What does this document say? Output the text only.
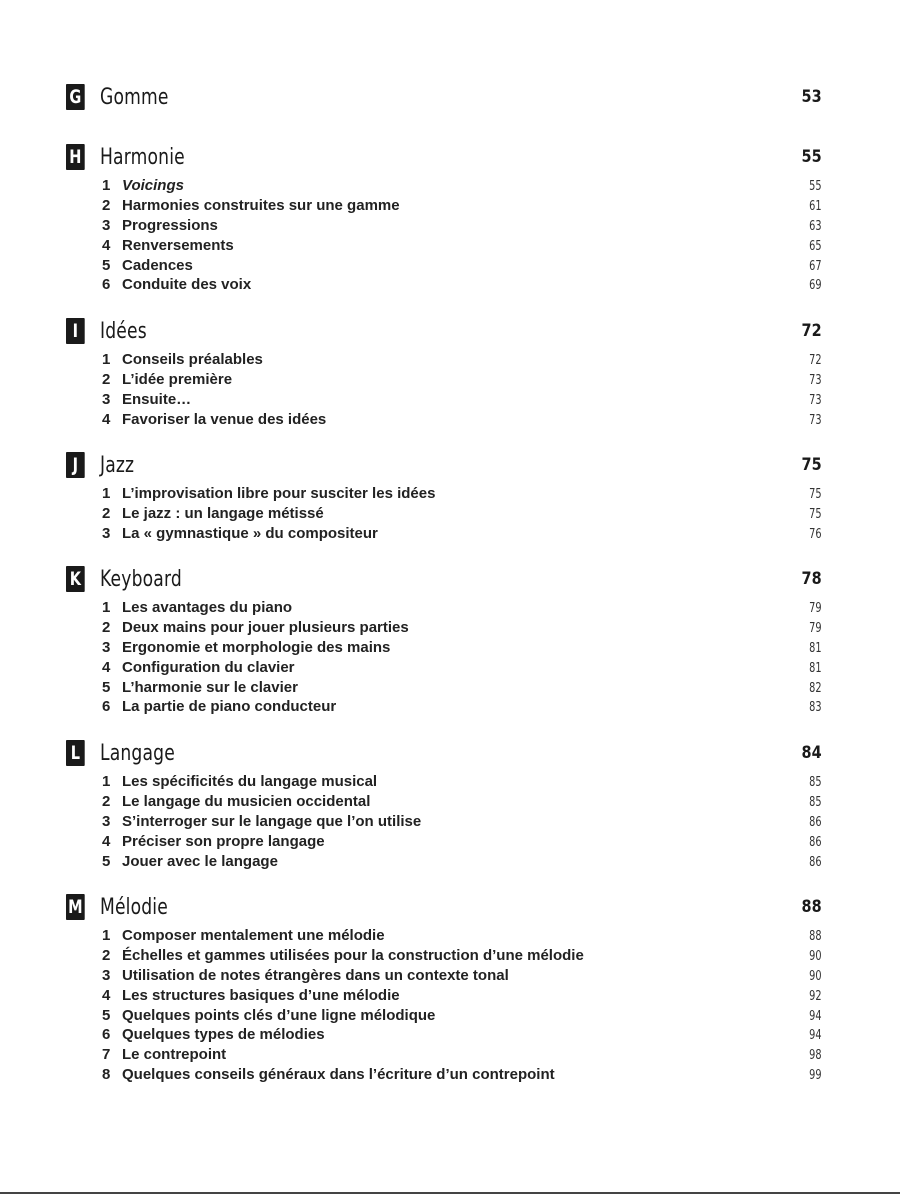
G Gomme	53
H Harmonie	55
1 Voicings	55
2 Harmonies construites sur une gamme	61
3 Progressions	63
4 Renversements	65
5 Cadences	67
6 Conduite des voix	69
I Idées	72
1 Conseils préalables	72
2 L’idée première	73
3 Ensuite…	73
4 Favoriser la venue des idées	73
J Jazz	75
1 L’improvisation libre pour susciter les idées	75
2 Le jazz : un langage métissé	75
3 La « gymnastique » du compositeur	76
K Keyboard	78
1 Les avantages du piano	79
2 Deux mains pour jouer plusieurs parties	79
3 Ergonomie et morphologie des mains	81
4 Configuration du clavier	81
5 L’harmonie sur le clavier	82
6 La partie de piano conducteur	83
L Langage	84
1 Les spécificités du langage musical	85
2 Le langage du musicien occidental	85
3 S’interroger sur le langage que l’on utilise	86
4 Préciser son propre langage	86
5 Jouer avec le langage	86
M Mélodie	88
1 Composer mentalement une mélodie	88
2 Échelles et gammes utilisées pour la construction d’une mélodie	90
3 Utilisation de notes étrangères dans un contexte tonal	90
4 Les structures basiques d’une mélodie	92
5 Quelques points clés d’une ligne mélodique	94
6 Quelques types de mélodies	94
7 Le contrepoint	98
8 Quelques conseils généraux dans l’écriture d’un contrepoint	99
